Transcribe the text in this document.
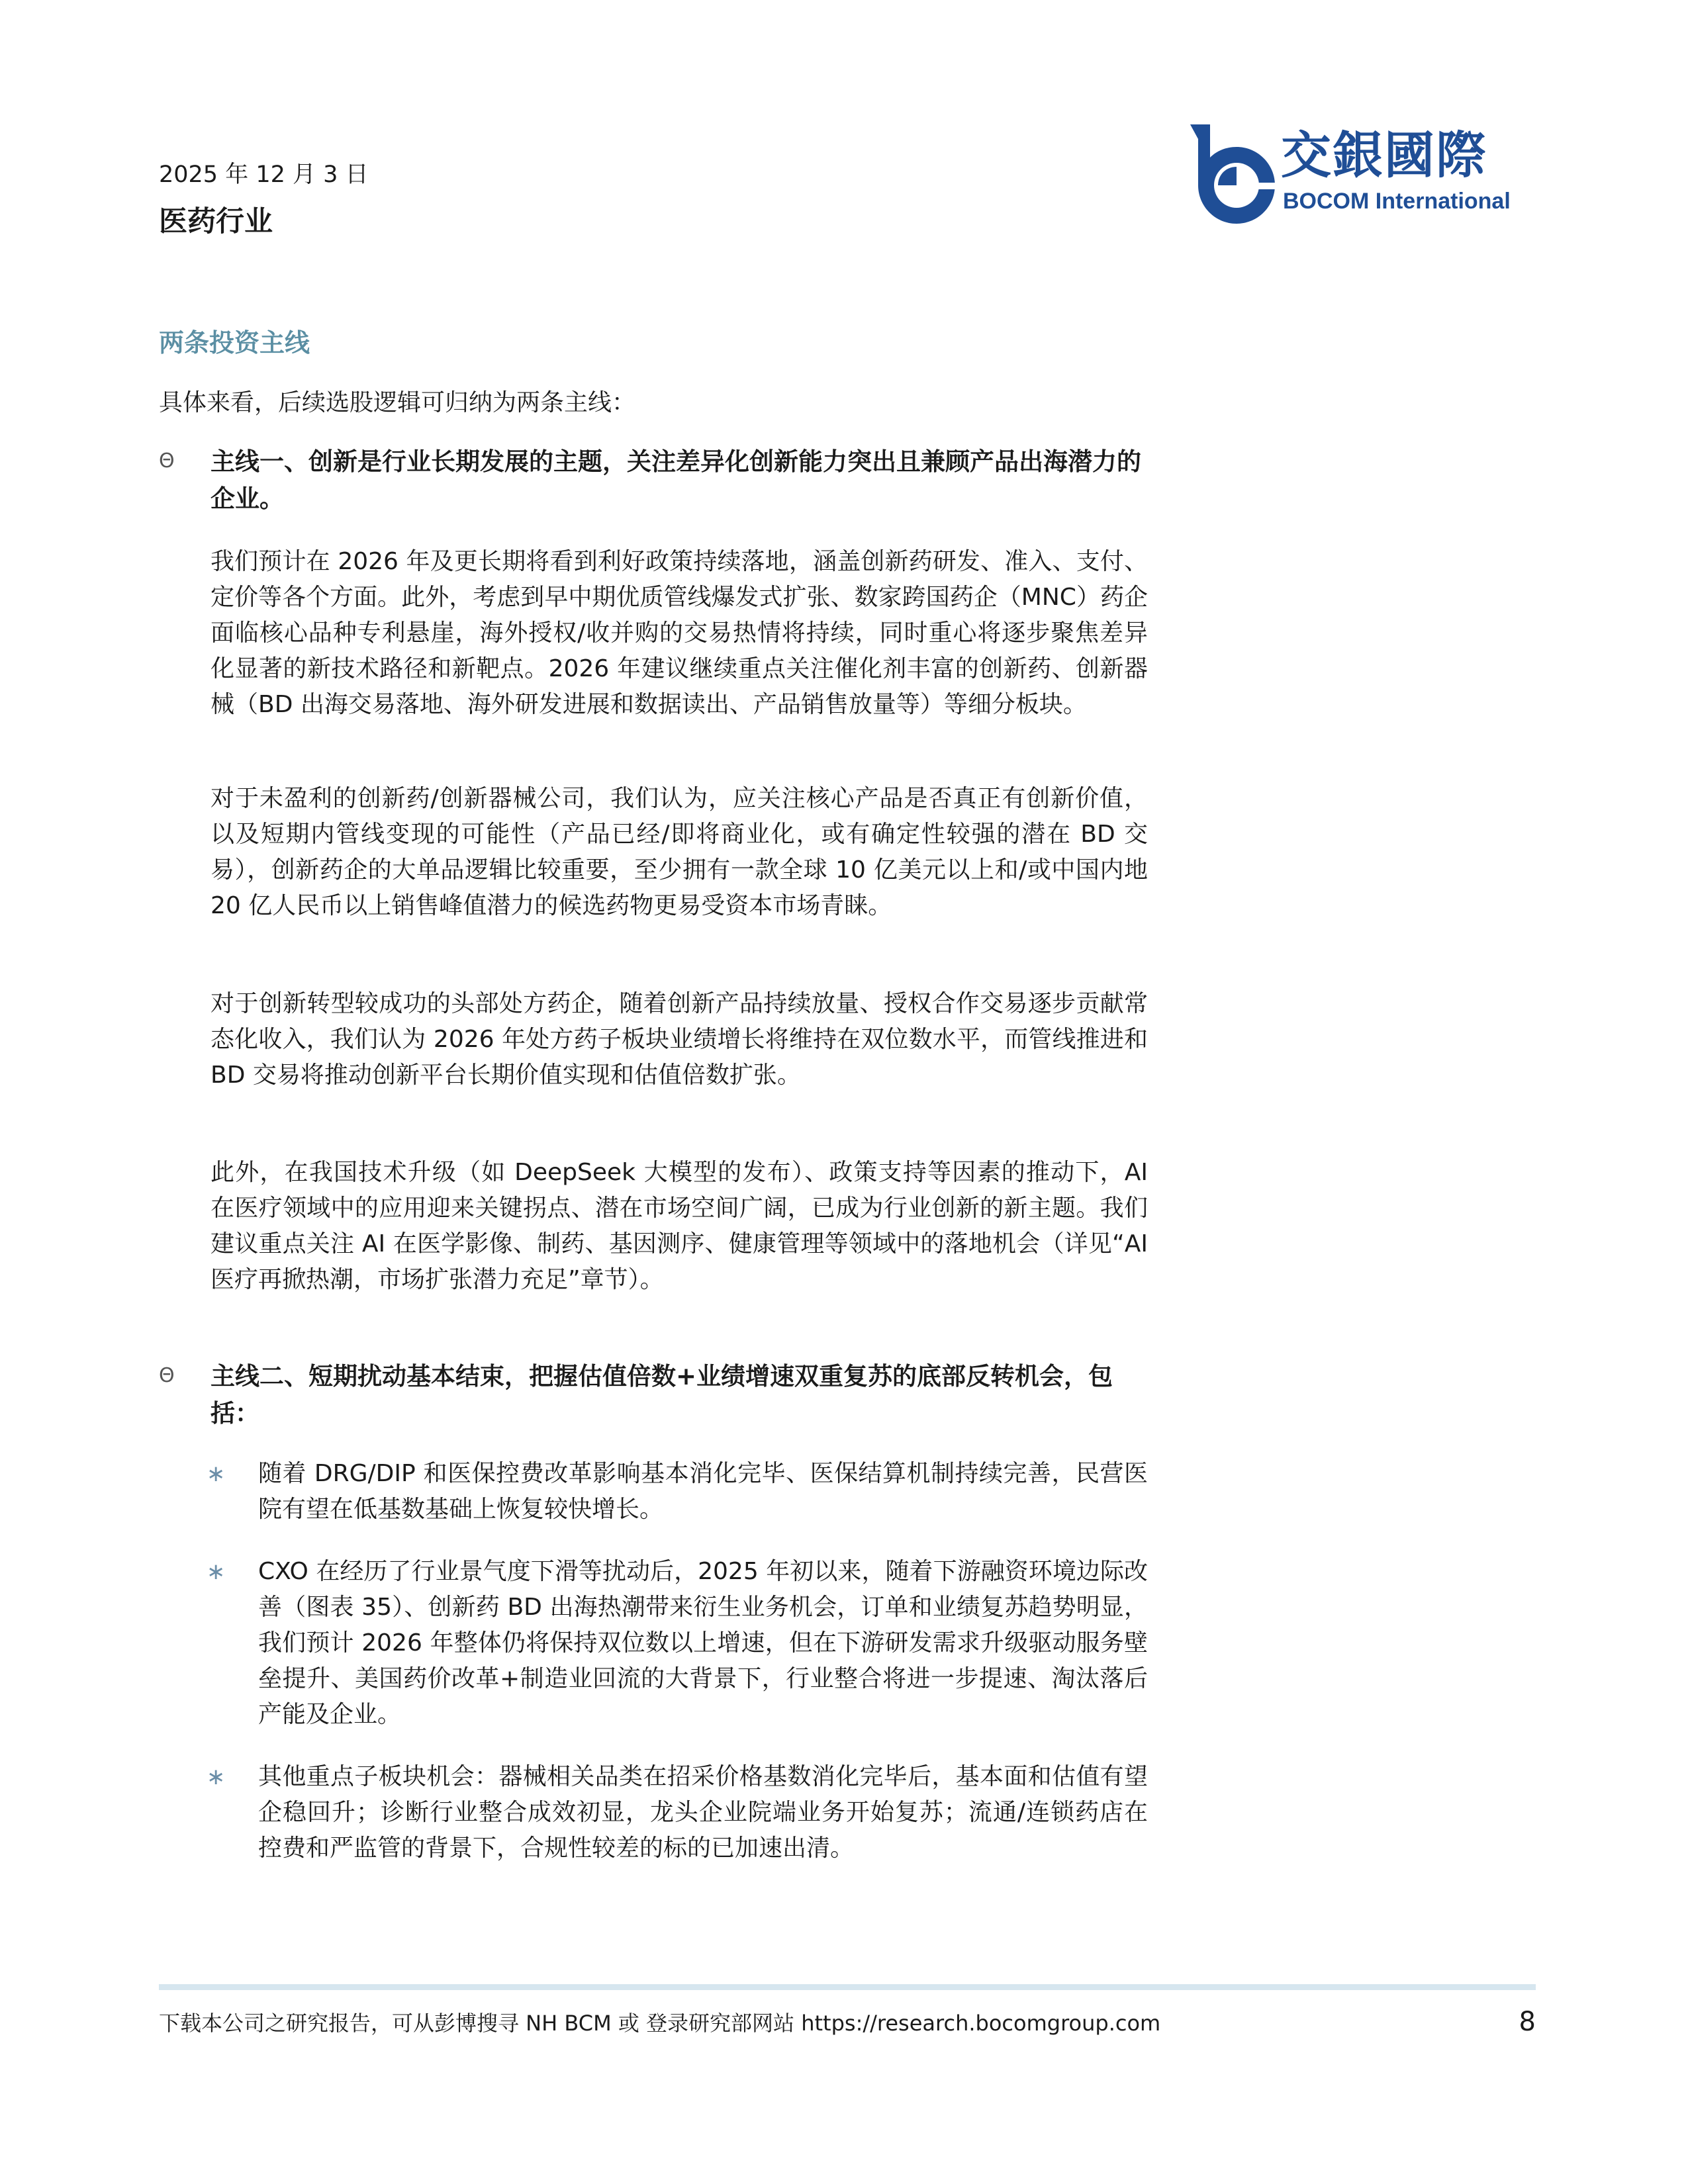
2025 年 12 月 3 日
医药行业
交銀國際
BOCOM International
两条投资主线
具体来看，后续选股逻辑可归纳为两条主线：
Θ 主线一、创新是行业长期发展的主题，关注差异化创新能力突出且兼顾产品出海潜力的企业。

我们预计在 2026 年及更长期将看到利好政策持续落地，涵盖创新药研发、准入、支付、定价等各个方面。此外，考虑到早中期优质管线爆发式扩张、数家跨国药企（MNC）药企面临核心品种专利悬崖，海外授权/收并购的交易热情将持续，同时重心将逐步聚焦差异化显著的新技术路径和新靶点。2026 年建议继续重点关注催化剂丰富的创新药、创新器械（BD 出海交易落地、海外研发进展和数据读出、产品销售放量等）等细分板块。

对于未盈利的创新药/创新器械公司，我们认为，应关注核心产品是否真正有创新价值，以及短期内管线变现的可能性（产品已经/即将商业化，或有确定性较强的潜在 BD 交易），创新药企的大单品逻辑比较重要，至少拥有一款全球 10 亿美元以上和/或中国内地 20 亿人民币以上销售峰值潜力的候选药物更易受资本市场青睐。

对于创新转型较成功的头部处方药企，随着创新产品持续放量、授权合作交易逐步贡献常态化收入，我们认为 2026 年处方药子板块业绩增长将维持在双位数水平，而管线推进和 BD 交易将推动创新平台长期价值实现和估值倍数扩张。

此外，在我国技术升级（如 DeepSeek 大模型的发布）、政策支持等因素的推动下，AI 在医疗领域中的应用迎来关键拐点、潜在市场空间广阔，已成为行业创新的新主题。我们建议重点关注 AI 在医学影像、制药、基因测序、健康管理等领域中的落地机会（详见“AI 医疗再掀热潮，市场扩张潜力充足”章节）。

Θ 主线二、短期扰动基本结束，把握估值倍数+业绩增速双重复苏的底部反转机会，包括：
∗ 随着 DRG/DIP 和医保控费改革影响基本消化完毕、医保结算机制持续完善，民营医院有望在低基数基础上恢复较快增长。

∗ CXO 在经历了行业景气度下滑等扰动后，2025 年初以来，随着下游融资环境边际改善（图表 35）、创新药 BD 出海热潮带来衍生业务机会，订单和业绩复苏趋势明显，我们预计 2026 年整体仍将保持双位数以上增速，但在下游研发需求升级驱动服务壁垒提升、美国药价改革+制造业回流的大背景下，行业整合将进一步提速、淘汰落后产能及企业。

∗ 其他重点子板块机会：器械相关品类在招采价格基数消化完毕后，基本面和估值有望企稳回升；诊断行业整合成效初显，龙头企业院端业务开始复苏；流通/连锁药店在控费和严监管的背景下，合规性较差的标的已加速出清。

下载本公司之研究报告，可从彭博搜寻 NH BCM 或 登录研究部网站 https://research.bocomgroup.com	8
